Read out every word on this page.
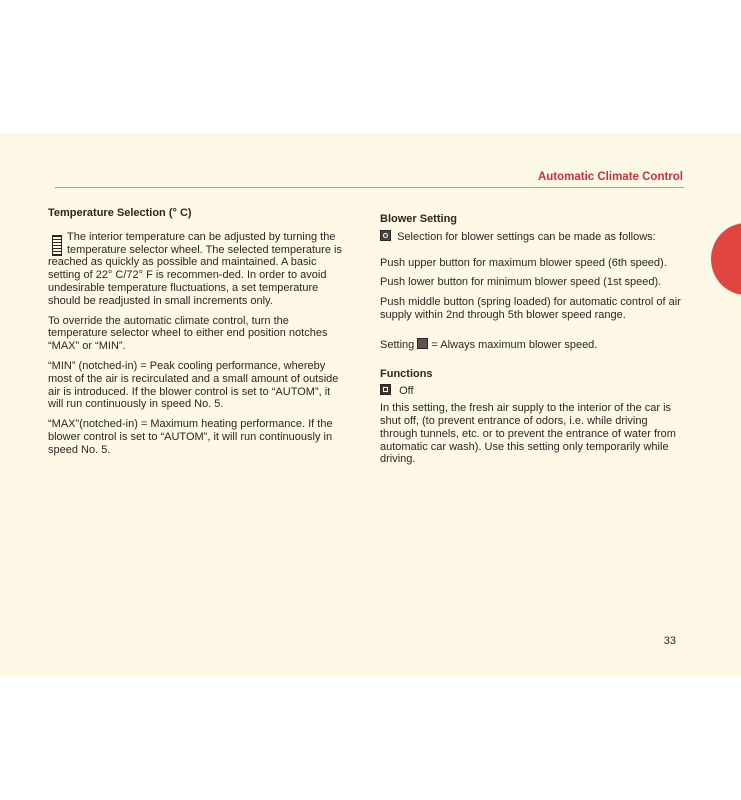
Automatic Climate Control
Temperature Selection (° C)

The interior temperature can be adjusted by turning the temperature selector wheel. The selected temperature is reached as quickly as possible and maintained. A basic setting of 22° C/72° F is recommen-ded. In order to avoid undesirable temperature fluctuations, a set temperature should be readjusted in small increments only.

To override the automatic climate control, turn the temperature selector wheel to either end position notches “MAX” or “MIN”.

“MIN” (notched-in) = Peak cooling performance, whereby most of the air is recirculated and a small amount of outside air is introduced. If the blower control is set to “AUTOM”, it will run continuously in speed No. 5.

“MAX”(notched-in) = Maximum heating performance. If the blower control is set to “AUTOM”, it will run continuously in speed No. 5.

Blower Setting

Selection for blower settings can be made as follows:

Push upper button for maximum blower speed (6th speed).

Push lower button for minimum blower speed (1st speed).

Push middle button (spring loaded) for automatic control of air supply within 2nd through 5th blower speed range.

Setting = Always maximum blower speed.

Functions

Off

In this setting, the fresh air supply to the interior of the car is shut off, (to prevent entrance of odors, i.e. while driving through tunnels, etc. or to prevent the entrance of water from automatic car wash). Use this setting only temporarily while driving.

33
